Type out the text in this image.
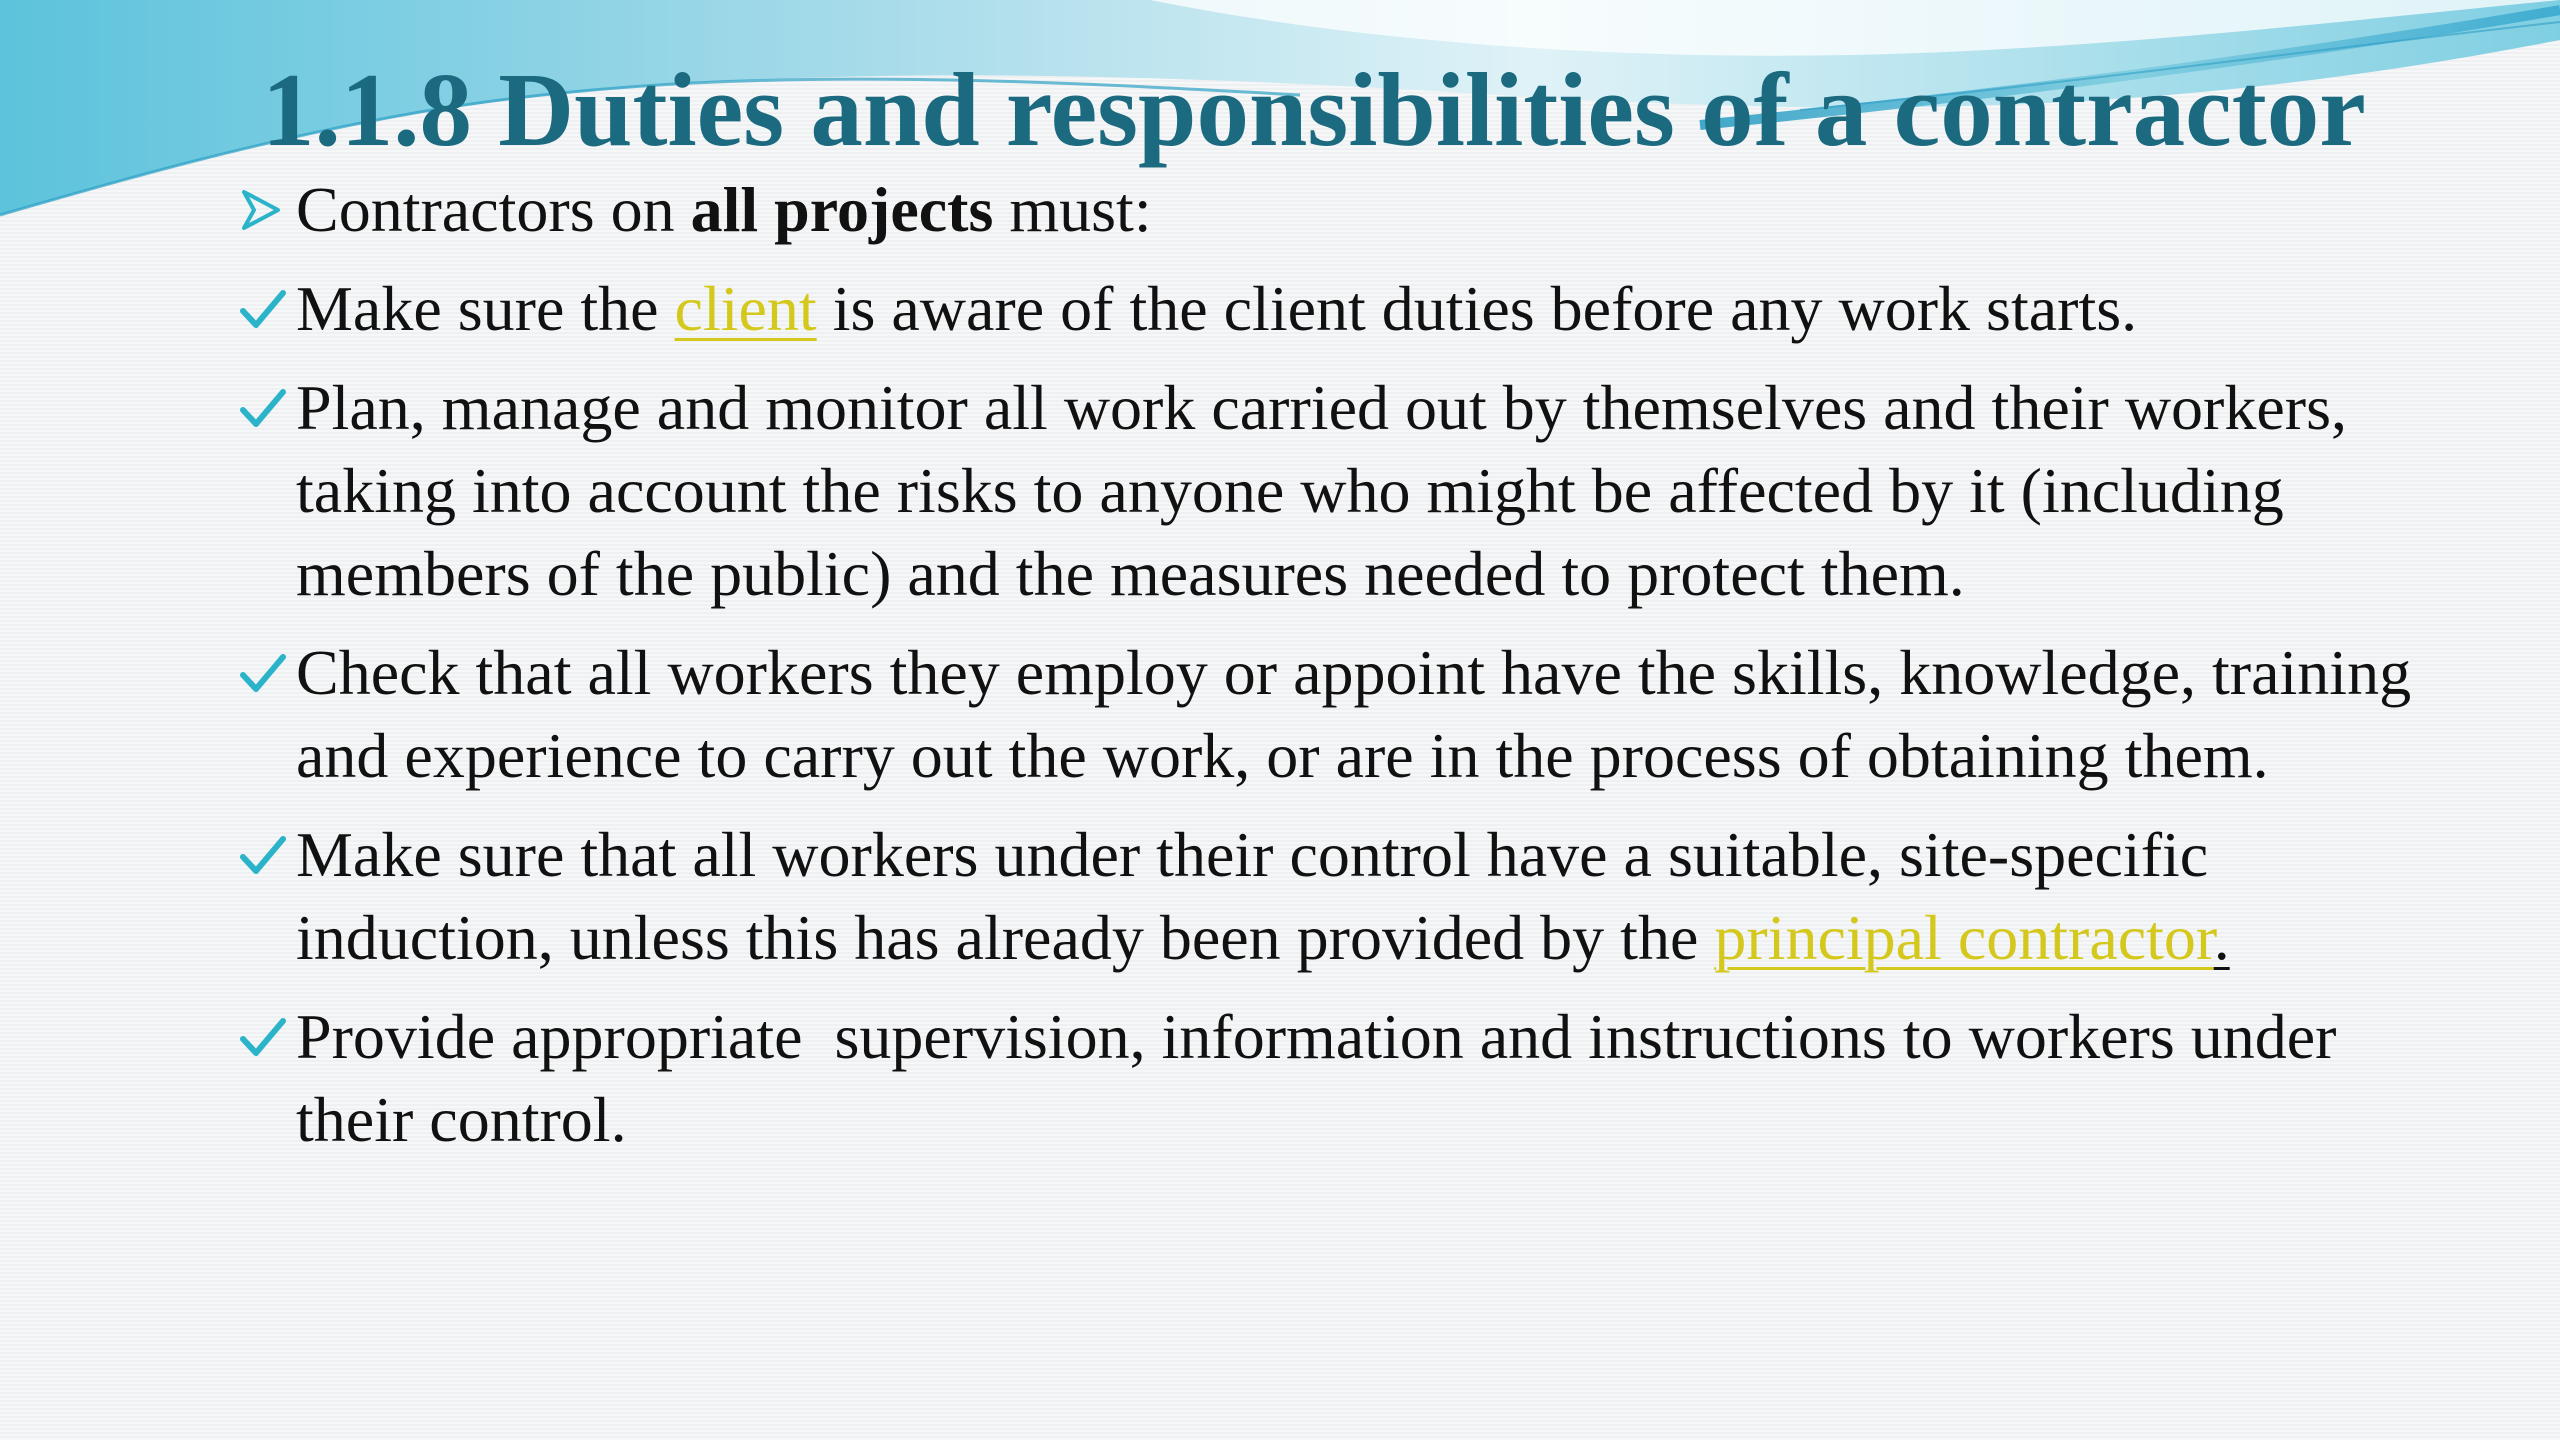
1.1.8 Duties and responsibilities of a contractor
Contractors on all projects must:
Make sure the client is aware of the client duties before any work starts.
Plan, manage and monitor all work carried out by themselves and their workers, taking into account the risks to anyone who might be affected by it (including members of the public) and the measures needed to protect them.
Check that all workers they employ or appoint have the skills, knowledge, training and experience to carry out the work, or are in the process of obtaining them.
Make sure that all workers under their control have a suitable, site-specific induction, unless this has already been provided by the principal contractor.
Provide appropriate  supervision, information and instructions to workers under their control.
